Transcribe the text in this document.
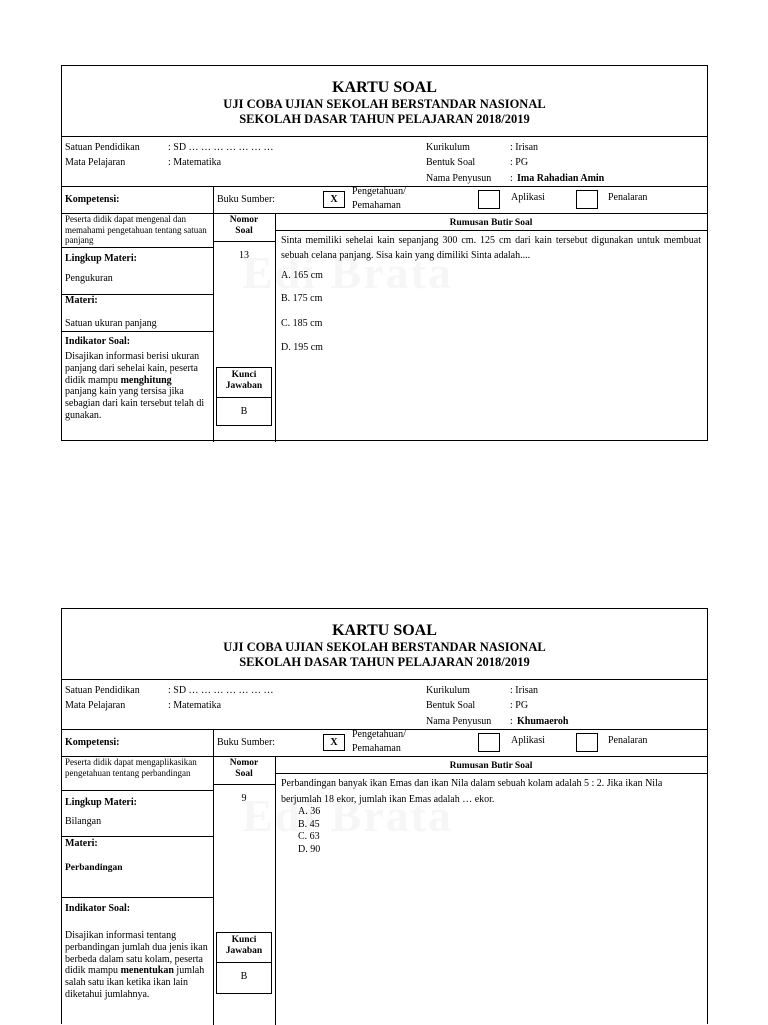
KARTU SOAL
UJI COBA UJIAN SEKOLAH BERSTANDAR NASIONAL
SEKOLAH DASAR TAHUN PELAJARAN 2018/2019
Satuan Pendidikan	: SD … … … … … … …
Mata Pelajaran	: Matematika
Kurikulum	: Irisan
Bentuk Soal	: PG
Nama Penyusun : Ima Rahadian Amin
Kompetensi:	Buku Sumber:	X
Pengetahuan/
Pemahaman
Aplikasi	Penalaran
Peserta didik dapat mengenal dan memahami pengetahuan tentang satuan panjang
Lingkup Materi:
Pengukuran
Materi:
Satuan ukuran panjang
Indikator Soal:
Disajikan informasi berisi ukuran panjang dari sehelai kain, peserta didik mampu menghitung panjang kain yang tersisa jika sebagian dari kain tersebut telah di gunakan.
Nomor
Soal
13
Kunci
Jawaban
B
Rumusan Butir Soal
Sinta memiliki sehelai kain sepanjang 300 cm. 125 cm dari kain tersebut digunakan untuk membuat sebuah celana panjang. Sisa kain yang dimiliki Sinta adalah....
A. 165 cm
B. 175 cm
C. 185 cm
D. 195 cm
KARTU SOAL
UJI COBA UJIAN SEKOLAH BERSTANDAR NASIONAL
SEKOLAH DASAR TAHUN PELAJARAN 2018/2019
Satuan Pendidikan	: SD … … … … … … …
Mata Pelajaran	: Matematika
Kurikulum	: Irisan
Bentuk Soal	: PG
Nama Penyusun : Khumaeroh
Kompetensi:	Buku Sumber:	X
Pengetahuan/
Pemahaman
Aplikasi	Penalaran
Peserta didik dapat mengaplikasikan pengetahuan tentang perbandingan
Lingkup Materi:
Bilangan
Materi:
Perbandingan
Indikator Soal:
Disajikan informasi tentang perbandingan jumlah dua jenis ikan berbeda dalam satu kolam, peserta didik mampu menentukan jumlah salah satu ikan ketika ikan lain diketahui jumlahnya.
Nomor
Soal
9
Kunci
Jawaban
B
Rumusan Butir Soal
Perbandingan banyak ikan Emas dan ikan Nila dalam sebuah kolam adalah 5 : 2. Jika ikan Nila berjumlah 18 ekor, jumlah ikan Emas adalah … ekor.
A. 36
B. 45
C. 63
D. 90
